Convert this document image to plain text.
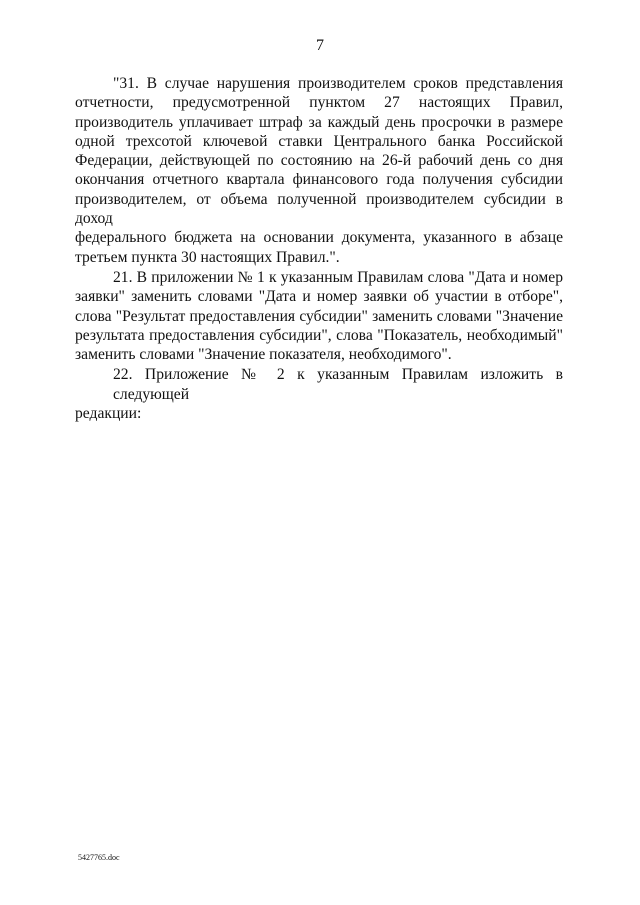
7
"31. В случае нарушения производителем сроков представления
отчетности, предусмотренной пунктом 27 настоящих Правил,
производитель уплачивает штраф за каждый день просрочки в размере
одной трехсотой ключевой ставки Центрального банка Российской
Федерации, действующей по состоянию на 26-й рабочий день со дня
окончания отчетного квартала финансового года получения субсидии
производителем, от объема полученной производителем субсидии в доход
федерального бюджета на основании документа, указанного в абзаце
третьем пункта 30 настоящих Правил.".
21. В приложении № 1 к указанным Правилам слова "Дата и номер
заявки" заменить словами "Дата и номер заявки об участии в отборе",
слова "Результат предоставления субсидии" заменить словами "Значение
результата предоставления субсидии", слова "Показатель, необходимый"
заменить словами "Значение показателя, необходимого".
22. Приложение № 2 к указанным Правилам изложить в следующей
редакции:
5427765.doc
